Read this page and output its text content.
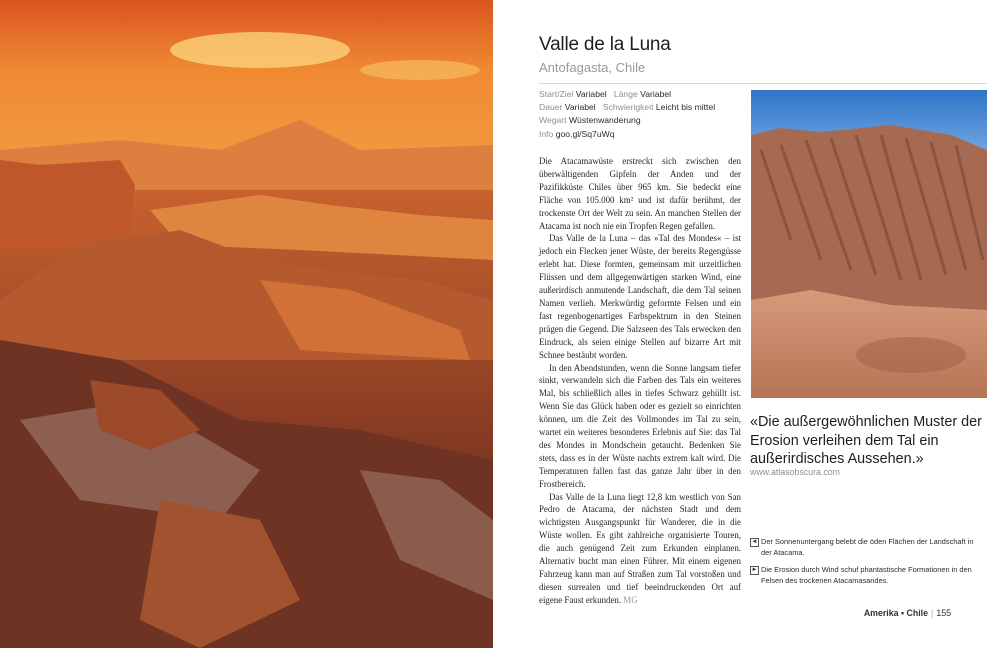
Valle de la Luna
Antofagasta, Chile
Start/Ziel Variabel Länge Variabel
Dauer Variabel Schwierigkeit Leicht bis mittel
Wegart Wüstenwanderung
Info goo.gl/Sq7uWq

Die Atacamawüste erstreckt sich zwischen den überwältigenden Gipfeln der Anden und der Pazifikküste Chiles über 965 km. Sie bedeckt eine Fläche von 105.000 km² und ist dafür berühmt, der trockenste Ort der Welt zu sein. An manchen Stellen der Atacama ist noch nie ein Tropfen Regen gefallen.

Das Valle de la Luna – das »Tal des Mondes« – ist jedoch ein Flecken jener Wüste, der bereits Regengüsse erlebt hat. Diese formten, gemeinsam mit urzeitlichen Flüssen und dem allgegenwärtigen starken Wind, eine außerirdisch anmutende Landschaft, die dem Tal seinen Namen verlieh. Merkwürdig geformte Felsen und ein fast regenbogenartiges Farbspektrum in den Steinen prägen die Gegend. Die Salzseen des Tals erwecken den Eindruck, als seien einige Stellen auf bizarre Art mit Schnee bestäubt worden.

In den Abendstunden, wenn die Sonne langsam tiefer sinkt, verwandeln sich die Farben des Tals ein weiteres Mal, bis schließlich alles in tiefes Schwarz gehüllt ist. Wenn Sie das Glück haben oder es gezielt so einrichten können, um die Zeit des Vollmondes im Tal zu sein, wartet ein weiteres besonderes Erlebnis auf Sie: das Tal des Mondes in Mondschein getaucht. Bedenken Sie stets, dass es in der Wüste nachts extrem kalt wird. Die Temperaturen fallen fast das ganze Jahr über in den Frostbereich.

Das Valle de la Luna liegt 12,8 km westlich von San Pedro de Atacama, der nächsten Stadt und dem wichtigsten Ausgangspunkt für Wanderer, die in die Wüste wollen. Es gibt zahlreiche organisierte Touren, die auch genügend Zeit zum Erkunden einplanen. Alternativ bucht man einen Führer. Mit einem eigenen Fahrzeug kann man auf Straßen zum Tal vorstoßen und diesen surrealen und tief beeindruckenden Ort auf eigene Faust erkunden. MG

«Die außergewöhnlichen Muster der Erosion verleihen dem Tal ein außerirdisches Aussehen.»
www.atlasobscura.com
◄ Der Sonnenuntergang belebt die öden Flächen der Landschaft in der Atacama.
► Die Erosion durch Wind schuf phantastische Formationen in den Felsen des trockenen Atacamasandes.
Amerika • Chile | 155
